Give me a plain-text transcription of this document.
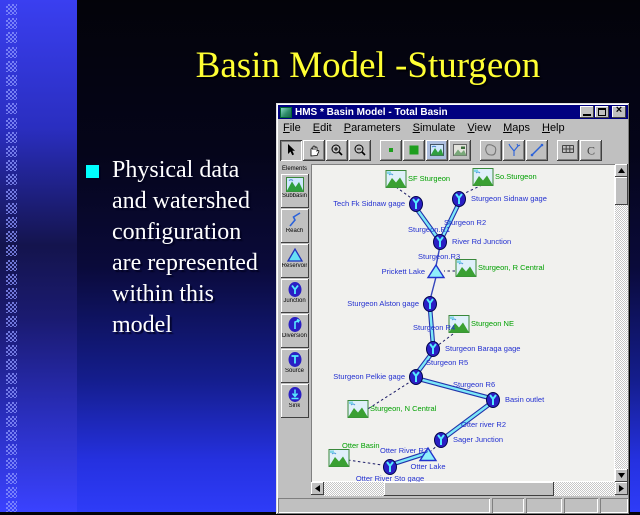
Basin Model -Sturgeon
Physical data
and watershed
configuration
are represented
within this
model
HMS * Basin Model - Total Basin
×
File Edit Parameters Simulate View Maps Help
C
Elements
Subbasin
Reach
Reservoir
Junction
Diversion
Source
Sink
SF Sturgeon	So.Sturgeon
Tech Fk Sidnaw gage
Sturgeon Sidnaw gage
River Rd Junction
Prickett Lake	Sturgeon, R Central
Sturgeon Alston gage
Sturgeon NE
Sturgeon Baraga gage
Sturgeon Pelkie gage
Basin outlet
Sturgeon, N Central
Sager Junction
Otter Lake
Otter River Sto gage
Otter Basin
Sturgeon.R1
Sturgeon R2
Sturgeon.R3
Sturgeon R4
Sturgeon R5
Sturgeon R6
Otter river R2
Otter River R3
